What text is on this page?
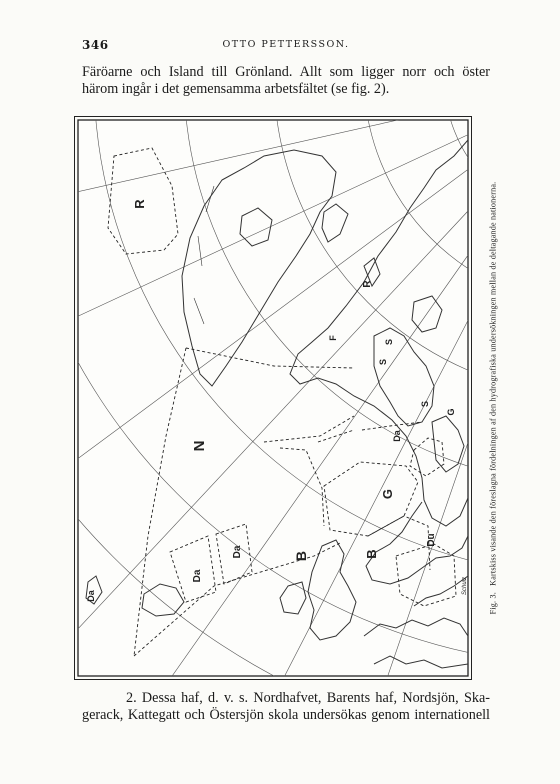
346	OTTO PETTERSSON.

Färöarne och Island till Grönland. Allt som ligger norr och öster
härom ingår i det gemensamma arbetsfältet (se fig. 2).

R
F
R
S
S
G
S
Da
N
G
Da
Da	B	B
Du
Da
Schulz
Fig. 3. Kartskiss visande den föreslagna fördelningen af den hydrografiska undersökningen mellan de deltagande nationerna.

2. Dessa haf, d. v. s. Nordhafvet, Barents haf, Nordsjön, Ska-
gerack, Kattegatt och Östersjön skola undersökas genom internationell
